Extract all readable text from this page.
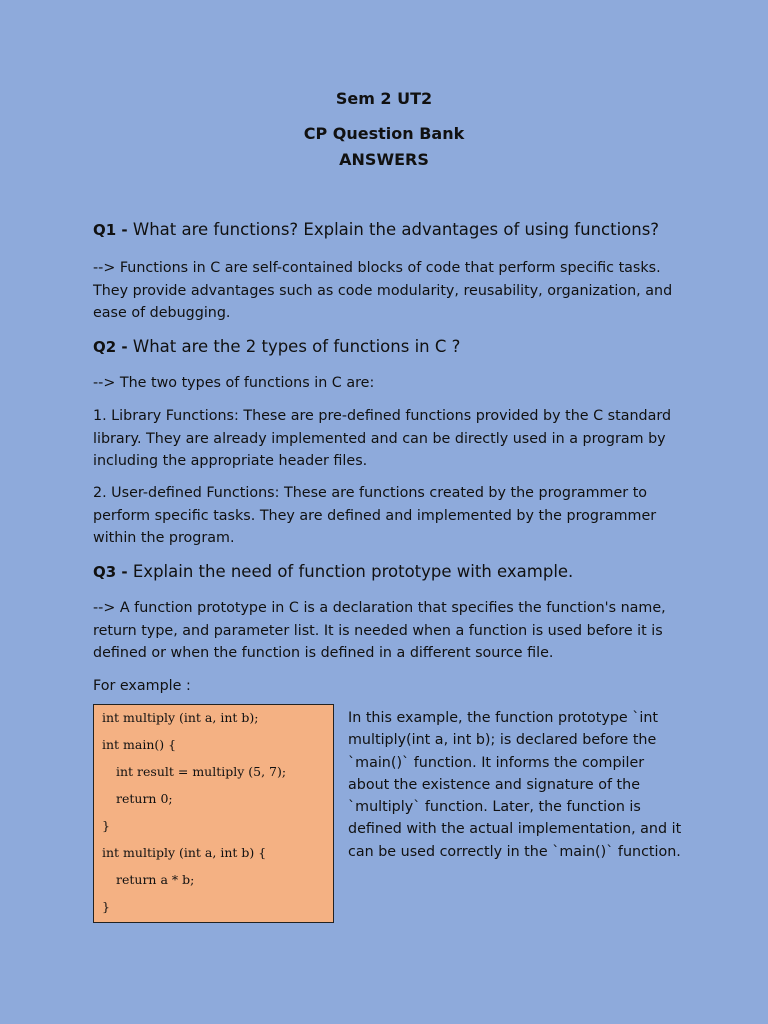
Sem 2 UT2
CP Question Bank
ANSWERS
Q1 - What are functions? Explain the advantages of using functions?
--> Functions in C are self-contained blocks of code that perform specific tasks. They provide advantages such as code modularity, reusability, organization, and ease of debugging.
Q2 - What are the 2 types of functions in C ?
--> The two types of functions in C are:
1. Library Functions: These are pre-defined functions provided by the C standard library. They are already implemented and can be directly used in a program by including the appropriate header files.
2. User-defined Functions: These are functions created by the programmer to perform specific tasks. They are defined and implemented by the programmer within the program.
Q3 - Explain the need of function prototype with example.
--> A function prototype in C is a declaration that specifies the function's name, return type, and parameter list. It is needed when a function is used before it is defined or when the function is defined in a different source file.
For example :
int multiply (int a, int b);
int main() {
int result = multiply (5, 7);
return 0;
}
int multiply (int a, int b) {
return a * b;
}
In this example, the function prototype `int multiply(int a, int b); is declared before the `main()` function. It informs the compiler about the existence and signature of the `multiply` function. Later, the function is defined with the actual implementation, and it can be used correctly in the `main()` function.
